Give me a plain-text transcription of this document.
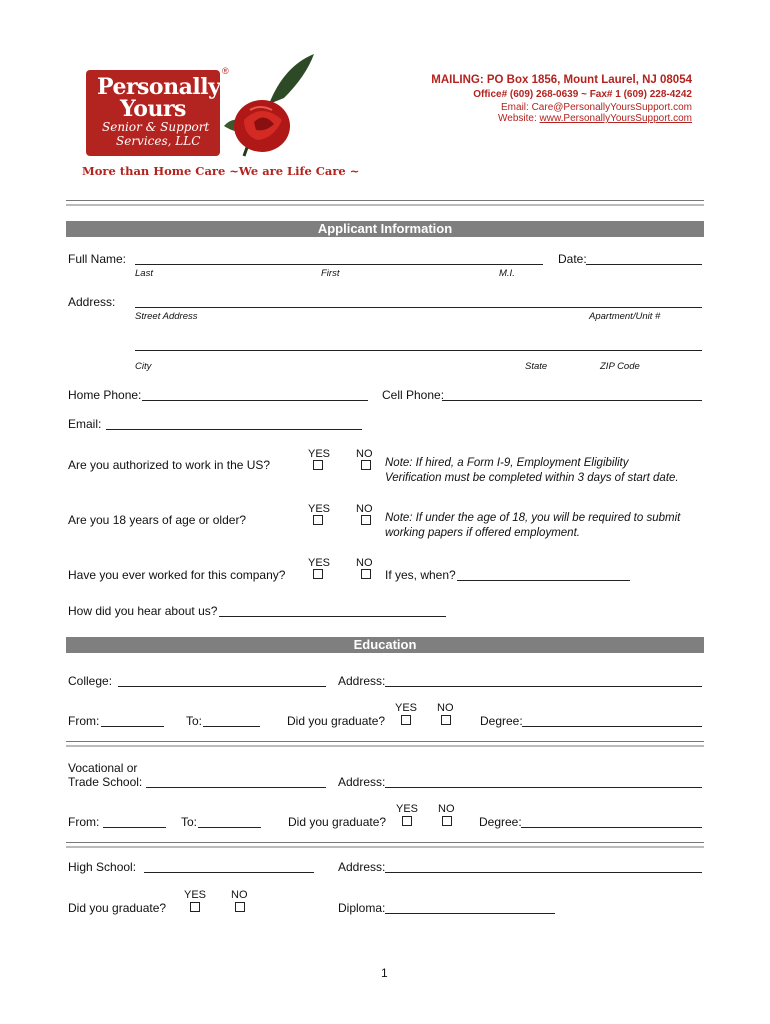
Personally
Yours
Senior & Support
Services, LLC
®
More than Home Care ~We are Life Care ~
MAILING: PO Box 1856, Mount Laurel, NJ 08054
Office# (609) 268-0639 ~ Fax# 1 (609) 228-4242
Email: Care@PersonallyYoursSupport.com
Website: www.PersonallyYoursSupport.com
Applicant Information
Full Name:	Date:
Last	First	M.I.
Address:
Street Address	Apartment/Unit #
City	State	ZIP Code
Home Phone:	Cell Phone:
Email:
YES NO
Are you authorized to work in the US?	Note: If hired, a Form I-9, Employment Eligibility
Verification must be completed within 3 days of start date.
YES NO
Are you 18 years of age or older?	Note: If under the age of 18, you will be required to submit
working papers if offered employment.
YES NO
Have you ever worked for this company?	If yes, when?
How did you hear about us?
Education
College:	Address:
YES NO
From:	To:	Did you graduate?	Degree:
Vocational or
Trade School:	Address:
YES NO
From:	To:	Did you graduate?	Degree:
High School:	Address:
YES NO
Did you graduate?	Diploma:
1
